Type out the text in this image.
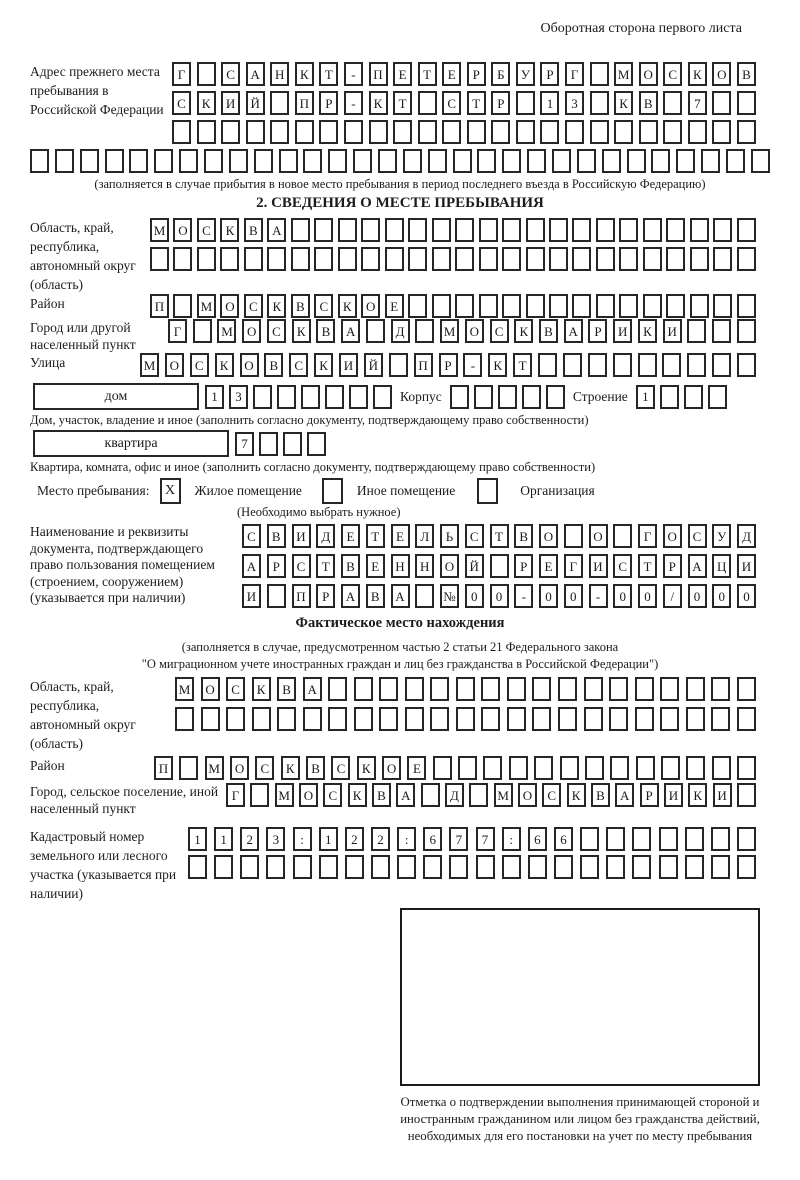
Оборотная сторона первого листа
Адрес прежнего места пребывания в Российской Федерации
Г	С	А	Н	К	Т	-	П	Е	Т	Е	Р	Б	У	Р	Г	М	О	С	К	О	В
С	К	И	Й	П	Р	-	К	Т	С	Т	Р	1	3	К	В	7
(заполняется в случае прибытия в новое место пребывания в период последнего въезда в Российскую Федерацию)
2. СВЕДЕНИЯ О МЕСТЕ ПРЕБЫВАНИЯ
Область, край, республика, автономный округ (область)
М О	С	К	В	А
Район	П	М О	С	К	В	С	К	О	Е
Город или другой населенный пункт
Г	М	О	С	К	В	А	Д	М	О	С	К	В	А	Р	И	К	И
Улица	М	О	С	К	О	В	С	К	И	Й	П	Р	-	К	Т
дом	1	3	Корпус	Строение	1
Дом, участок, владение и иное (заполнить согласно документу, подтверждающему право собственности)
квартира	7
Квартира, комната, офис и иное (заполнить согласно документу, подтверждающему право собственности)
Место пребывания:	X	Жилое помещение	Иное помещение	Организация
(Необходимо выбрать нужное)
Наименование и реквизиты документа, подтверждающего право пользования помещением (строением, сооружением) (указывается при наличии)
С	В	И	Д	Е	Т	Е	Л	Ь	С	Т	В	О	О	Г	О	С	У	Д
А	Р	С	Т	В	Е	Н	Н	О	Й	Р	Е	Г	И	С	Т	Р	А	Ц	И
И	П	Р	А	В	А	№	0	0	-	0	0	-	0	0	/	0	0	0
Фактическое место нахождения
(заполняется в случае, предусмотренном частью 2 статьи 21 Федерального закона
"О миграционном учете иностранных граждан и лиц без гражданства в Российской Федерации")
Область, край, республика, автономный округ (область)
М	О	С	К	В	А
Район	П	М	О	С	К	В	С	К	О	Е
Город, сельское поселение, иной населенный пункт
Г	М	О	С	К	В	А	Д	М	О	С	К	В	А	Р	И	К	И
Кадастровый номер земельного или лесного участка (указывается при наличии)
1	1	2	3	:	1	2	2	:	6	7	7	:	6	6
Отметка о подтверждении выполнения принимающей стороной и иностранным гражданином или лицом без гражданства действий, необходимых для его постановки на учет по месту пребывания
